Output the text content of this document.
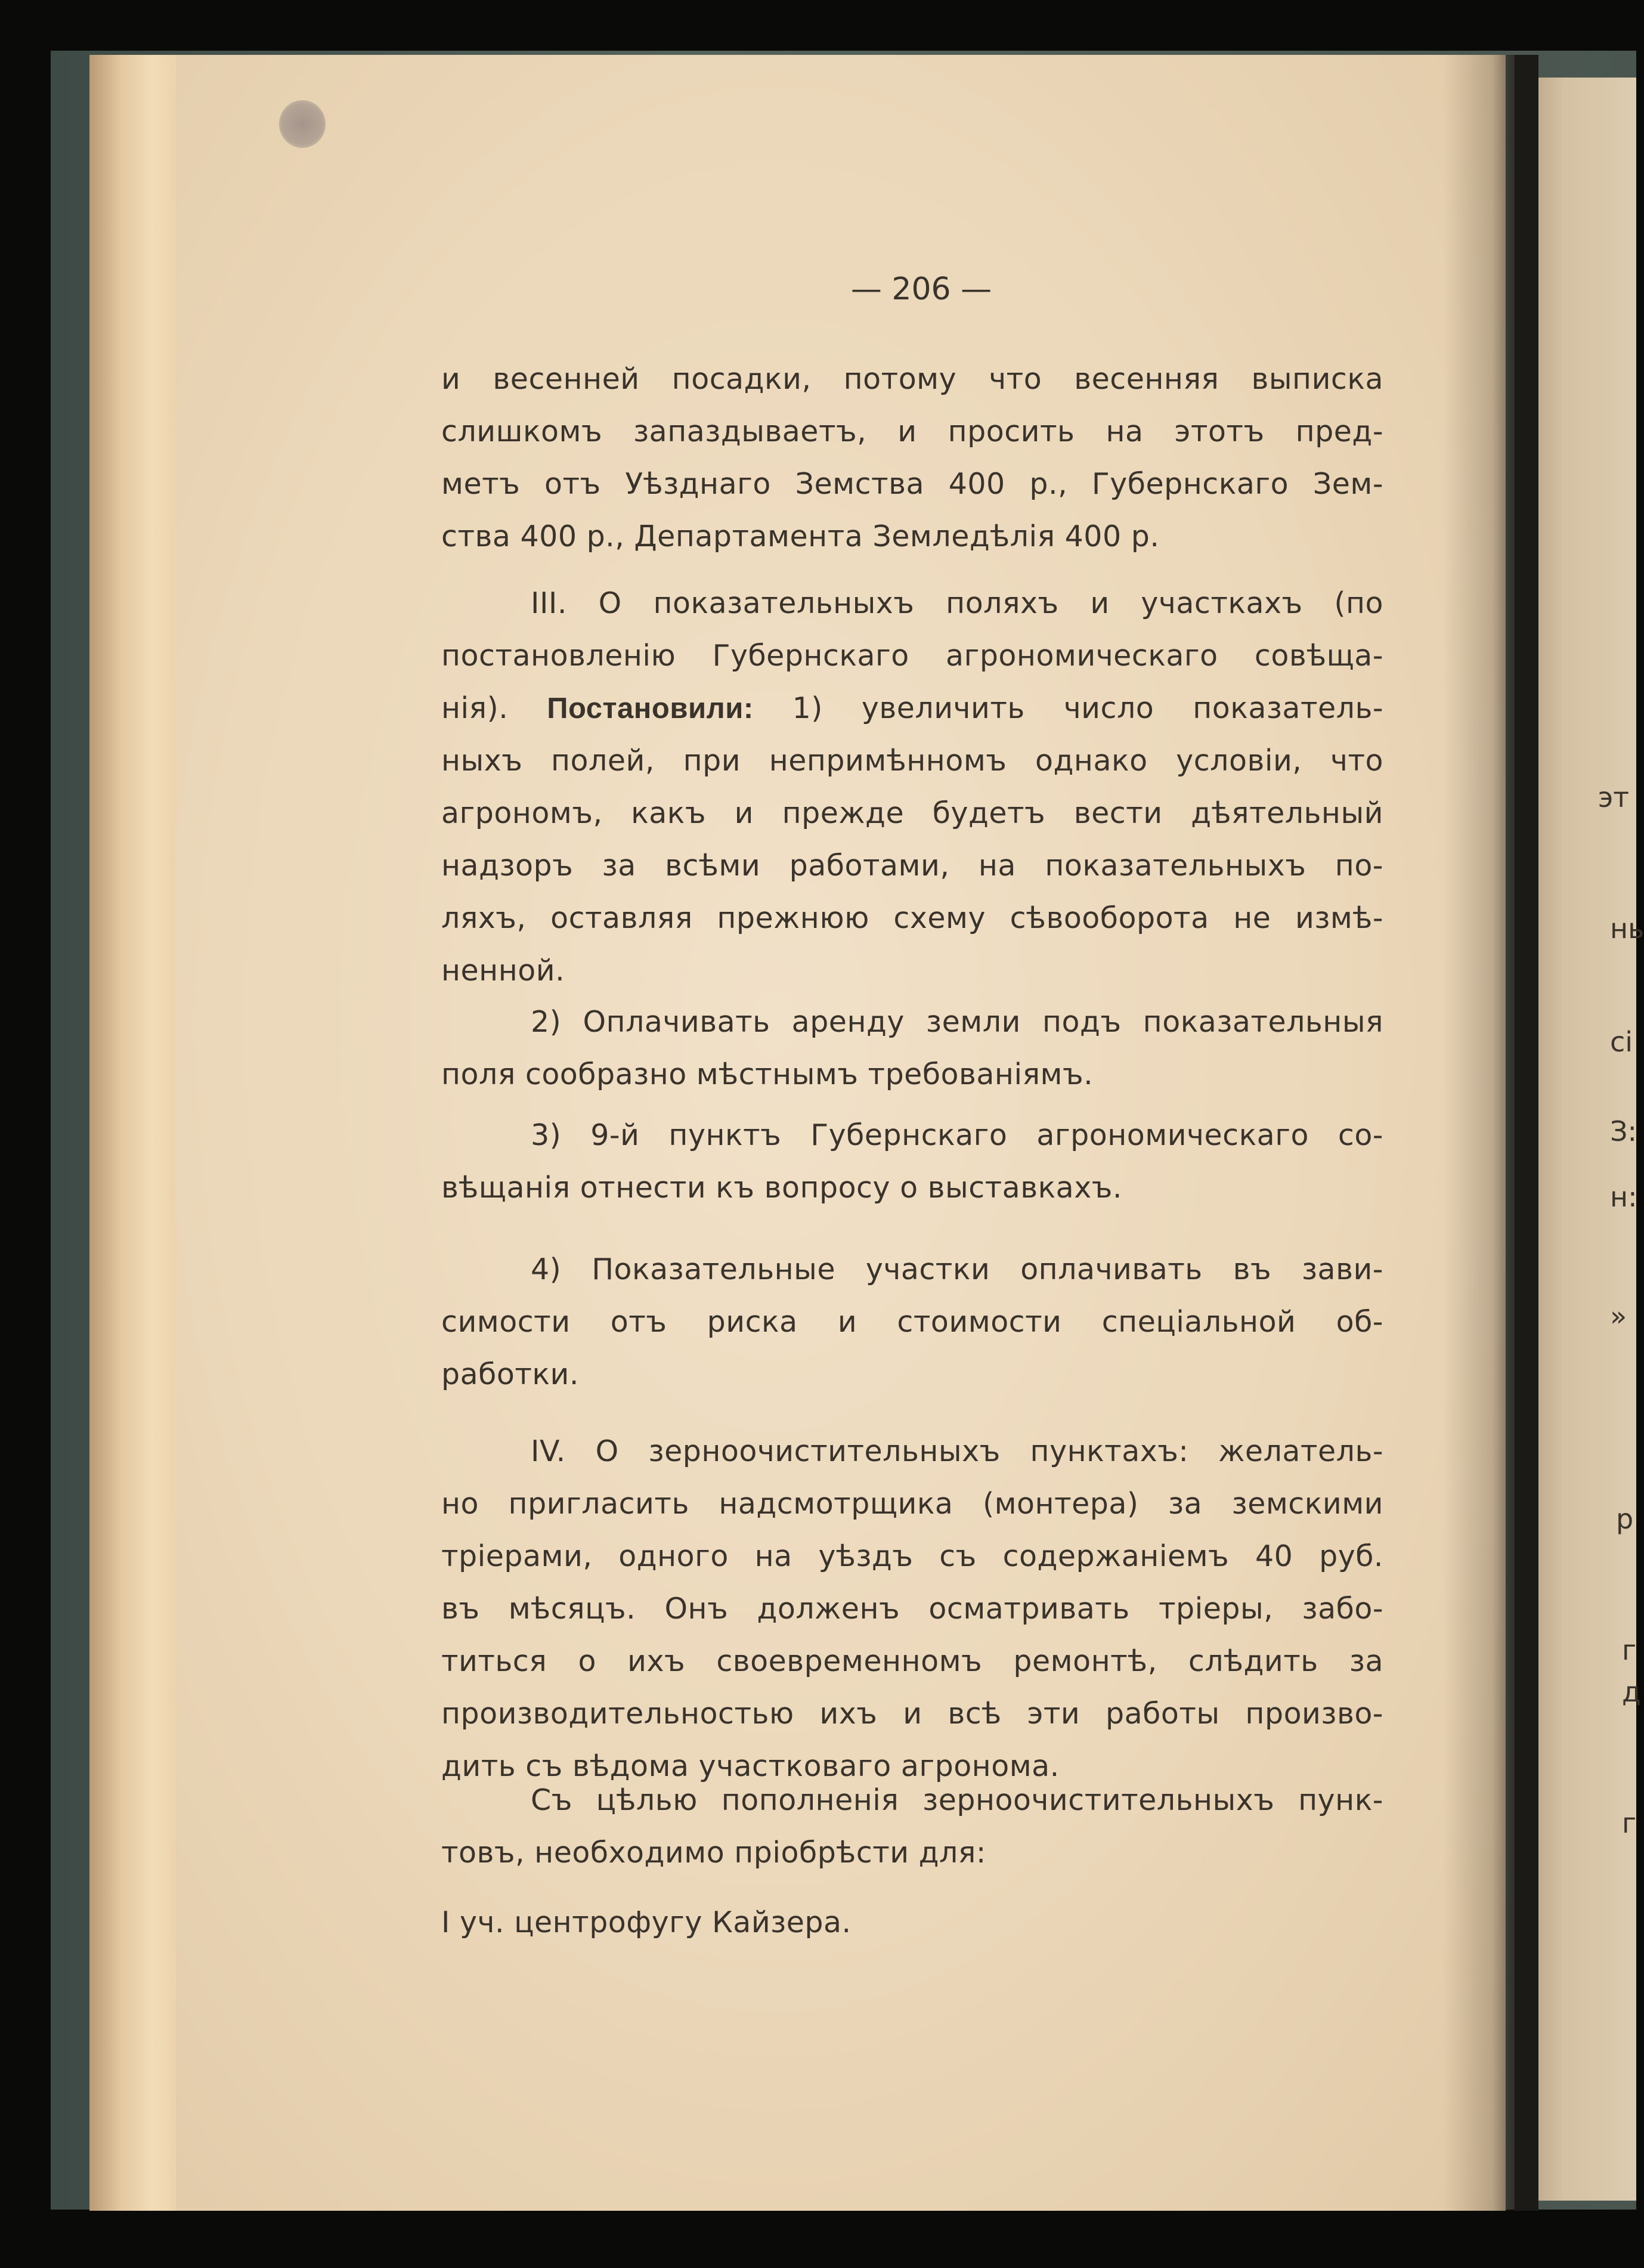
— 206 —
и весенней посадки, потому что весенняя выписка
слишкомъ запаздываетъ, и просить на этотъ пред-
метъ отъ Уѣзднаго Земства 400 р., Губернскаго Зем-
ства 400 р., Департамента Земледѣлія 400 р.
III. О показательныхъ поляхъ и участкахъ (по
постановленію Губернскаго агрономическаго совѣща-
нія). Постановили: 1) увеличить число показатель-
ныхъ полей, при непримѣнномъ однако условіи, что
агрономъ, какъ и прежде будетъ вести дѣятельный
надзоръ за всѣми работами, на показательныхъ по-
ляхъ, оставляя прежнюю схему сѣвооборота не измѣ-
ненной.
2) Оплачивать аренду земли подъ показательныя
поля сообразно мѣстнымъ требованіямъ.
3) 9-й пунктъ Губернскаго агрономическаго со-
вѣщанія отнести къ вопросу о выставкахъ.
4) Показательные участки оплачивать въ зави-
симости отъ риска и стоимости спеціальной об-
работки.
IV. О зерноочистительныхъ пунктахъ: желатель-
но пригласить надсмотрщика (монтера) за земскими
тріерами, одного на уѣздъ съ содержаніемъ 40 руб.
въ мѣсяцъ. Онъ долженъ осматривать тріеры, забо-
титься о ихъ своевременномъ ремонтѣ, слѣдить за
производительностью ихъ и всѣ эти работы произво-
дить съ вѣдома участковаго агронома.
Съ цѣлью пополненія зерноочистительныхъ пунк-
товъ, необходимо пріобрѣсти для:
I уч. центрофугу Кайзера.
эт
нь
сі
З:
н:
»
р
г
д
г
